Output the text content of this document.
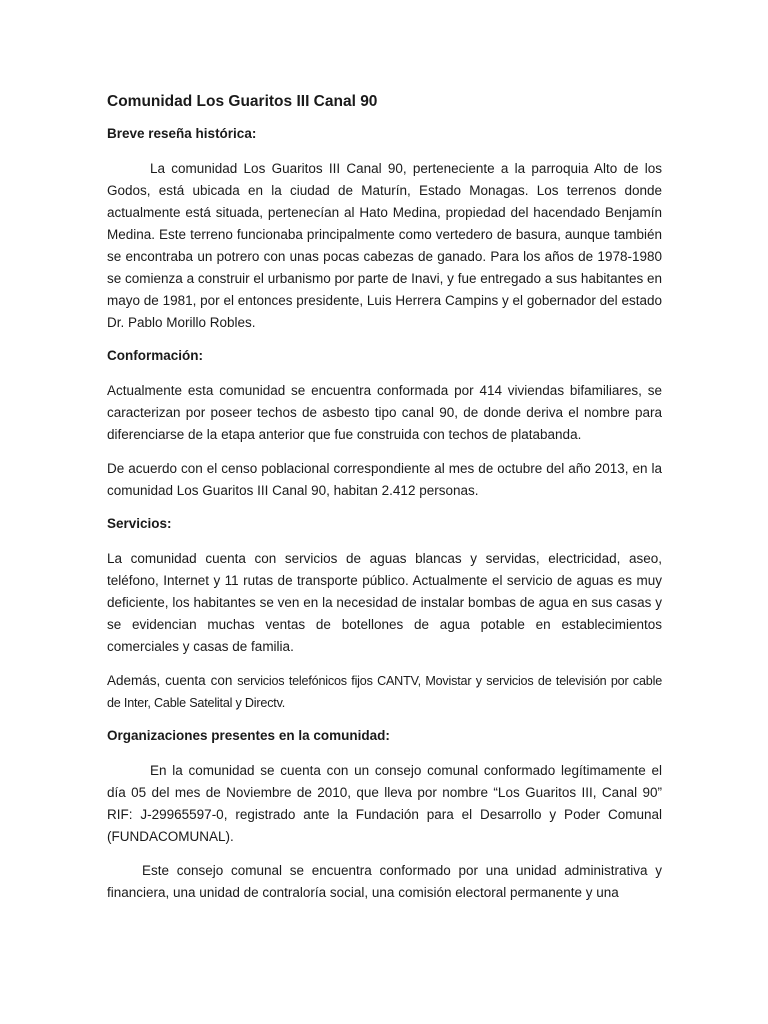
Comunidad Los Guaritos III Canal 90
Breve reseña histórica:

La comunidad Los Guaritos III Canal 90, perteneciente a la parroquia Alto de los Godos, está ubicada en la ciudad de Maturín, Estado Monagas. Los terrenos donde actualmente está situada, pertenecían al Hato Medina, propiedad del hacendado Benjamín Medina. Este terreno funcionaba principalmente como vertedero de basura, aunque también se encontraba un potrero con unas pocas cabezas de ganado. Para los años de 1978-1980 se comienza a construir el urbanismo por parte de Inavi, y fue entregado a sus habitantes en mayo de 1981, por el entonces presidente, Luis Herrera Campins y el gobernador del estado Dr. Pablo Morillo Robles.

Conformación:

Actualmente esta comunidad se encuentra conformada por 414 viviendas bifamiliares, se caracterizan por poseer techos de asbesto tipo canal 90, de donde deriva el nombre para diferenciarse de la etapa anterior que fue construida con techos de platabanda.

De acuerdo con el censo poblacional correspondiente al mes de octubre del año 2013, en la comunidad Los Guaritos III Canal 90, habitan 2.412 personas.

Servicios:

La comunidad cuenta con servicios de aguas blancas y servidas, electricidad, aseo, teléfono, Internet y 11 rutas de transporte público. Actualmente el servicio de aguas es muy deficiente, los habitantes se ven en la necesidad de instalar bombas de agua en sus casas y se evidencian muchas ventas de botellones de agua potable en establecimientos comerciales y casas de familia.

Además, cuenta con servicios telefónicos fijos CANTV, Movistar y servicios de televisión por cable de Inter, Cable Satelital y Directv.

Organizaciones presentes en la comunidad:

En la comunidad se cuenta con un consejo comunal conformado legítimamente el día 05 del mes de Noviembre de 2010, que lleva por nombre “Los Guaritos III, Canal 90” RIF: J-29965597-0, registrado ante la Fundación para el Desarrollo y Poder Comunal (FUNDACOMUNAL).

Este consejo comunal se encuentra conformado por una unidad administrativa y financiera, una unidad de contraloría social, una comisión electoral permanente y una
